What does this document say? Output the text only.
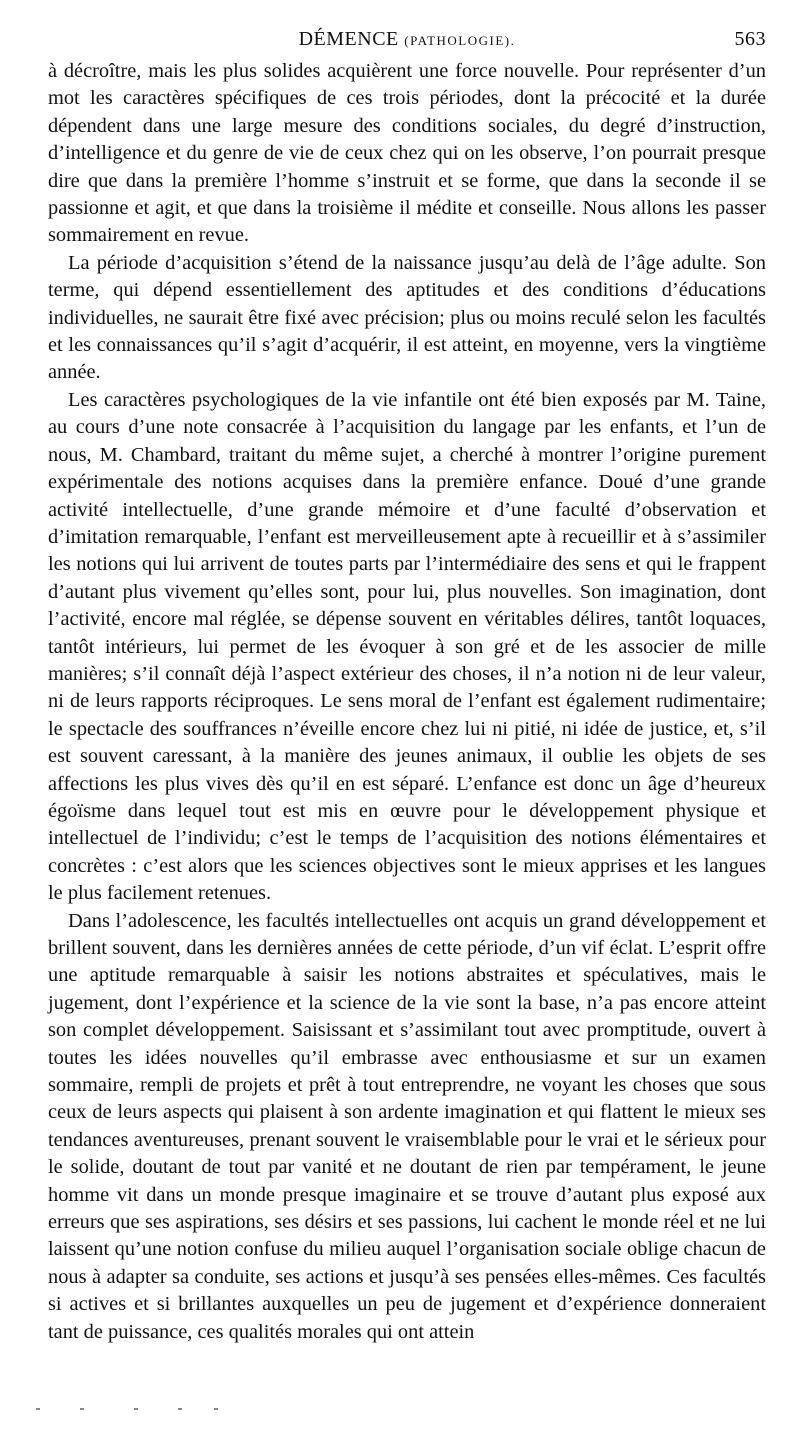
DÉMENCE (PATHOLOGIE).	563

à décroître, mais les plus solides acquièrent une force nouvelle. Pour représenter d’un mot les caractères spécifiques de ces trois périodes, dont la précocité et la durée dépendent dans une large mesure des conditions sociales, du degré d’instruction, d’intelligence et du genre de vie de ceux chez qui on les observe, l’on pourrait presque dire que dans la première l’homme s’instruit et se forme, que dans la seconde il se passionne et agit, et que dans la troisième il médite et conseille. Nous allons les passer sommairement en revue.

La période d’acquisition s’étend de la naissance jusqu’au delà de l’âge adulte. Son terme, qui dépend essentiellement des aptitudes et des conditions d’éducations individuelles, ne saurait être fixé avec précision; plus ou moins reculé selon les facultés et les connaissances qu’il s’agit d’acquérir, il est atteint, en moyenne, vers la vingtième année.

Les caractères psychologiques de la vie infantile ont été bien exposés par M. Taine, au cours d’une note consacrée à l’acquisition du langage par les enfants, et l’un de nous, M. Chambard, traitant du même sujet, a cherché à montrer l’origine purement expérimentale des notions acquises dans la première enfance. Doué d’une grande activité intellectuelle, d’une grande mémoire et d’une faculté d’observation et d’imitation remarquable, l’enfant est merveilleusement apte à recueillir et à s’assimiler les notions qui lui arrivent de toutes parts par l’intermédiaire des sens et qui le frappent d’autant plus vivement qu’elles sont, pour lui, plus nouvelles. Son imagination, dont l’activité, encore mal réglée, se dépense souvent en véritables délires, tantôt loquaces, tantôt intérieurs, lui permet de les évoquer à son gré et de les associer de mille manières; s’il connaît déjà l’aspect extérieur des choses, il n’a notion ni de leur valeur, ni de leurs rapports réciproques. Le sens moral de l’enfant est également rudimentaire; le spectacle des souffrances n’éveille encore chez lui ni pitié, ni idée de justice, et, s’il est souvent caressant, à la manière des jeunes animaux, il oublie les objets de ses affections les plus vives dès qu’il en est séparé. L’enfance est donc un âge d’heureux égoïsme dans lequel tout est mis en œuvre pour le développement physique et intellectuel de l’individu; c’est le temps de l’acquisition des notions élémentaires et concrètes : c’est alors que les sciences objectives sont le mieux apprises et les langues le plus facilement retenues.

Dans l’adolescence, les facultés intellectuelles ont acquis un grand développement et brillent souvent, dans les dernières années de cette période, d’un vif éclat. L’esprit offre une aptitude remarquable à saisir les notions abstraites et spéculatives, mais le jugement, dont l’expérience et la science de la vie sont la base, n’a pas encore atteint son complet développement. Saisissant et s’assimilant tout avec promptitude, ouvert à toutes les idées nouvelles qu’il embrasse avec enthousiasme et sur un examen sommaire, rempli de projets et prêt à tout entreprendre, ne voyant les choses que sous ceux de leurs aspects qui plaisent à son ardente imagination et qui flattent le mieux ses tendances aventureuses, prenant souvent le vraisemblable pour le vrai et le sérieux pour le solide, doutant de tout par vanité et ne doutant de rien par tempérament, le jeune homme vit dans un monde presque imaginaire et se trouve d’autant plus exposé aux erreurs que ses aspirations, ses désirs et ses passions, lui cachent le monde réel et ne lui laissent qu’une notion confuse du milieu auquel l’organisation sociale oblige chacun de nous à adapter sa conduite, ses actions et jusqu’à ses pensées elles-mêmes. Ces facultés si actives et si brillantes auxquelles un peu de jugement et d’expérience donneraient tant de puissance, ces qualités morales qui ont attein
